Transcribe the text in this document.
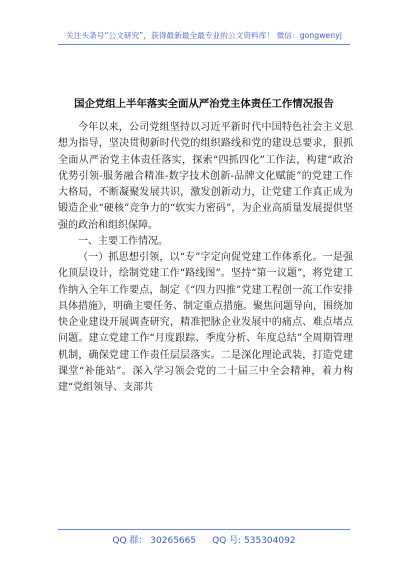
关注头条号“公文研究”，获得最新最全最专业的公文资料库！ 微信：gongwenyj
国企党组上半年落实全面从严治党主体责任工作情况报告

今年以来，公司党组坚持以习近平新时代中国特色社会主义思想为指导，坚决贯彻新时代党的组织路线和党的建设总要求，狠抓全面从严治党主体责任落实，探索“四抓四化”工作法，构建“政治优势引领-服务融合精准-数字技术创新-品牌文化赋能”的党建工作大格局，不断凝聚发展共识，激发创新动力，让党建工作真正成为锻造企业“硬核”竞争力的“软实力密码”，为企业高质量发展提供坚强的政治和组织保障。

一、主要工作情况。

（一）抓思想引领，以“专”字定向促党建工作体系化。一是强化顶层设计，绘制党建工作“路线图”。坚持“第一议题”，将党建工作纳入全年工作要点，制定《“四力四推”党建工程创一流工作安排具体措施》，明确主要任务、制定重点措施。聚焦问题导向，围绕加快企业建设开展调查研究，精准把脉企业发展中的痛点、难点堵点问题。建立党建工作“月度跟踪、季度分析、年度总结”全周期管理机制，确保党建工作责任层层落实。二是深化理论武装，打造党建课堂“补能站”。深入学习领会党的二十届三中全会精神，着力构建“党组领导、支部共

QQ 群： 30265665 QQ 号: 535304092
